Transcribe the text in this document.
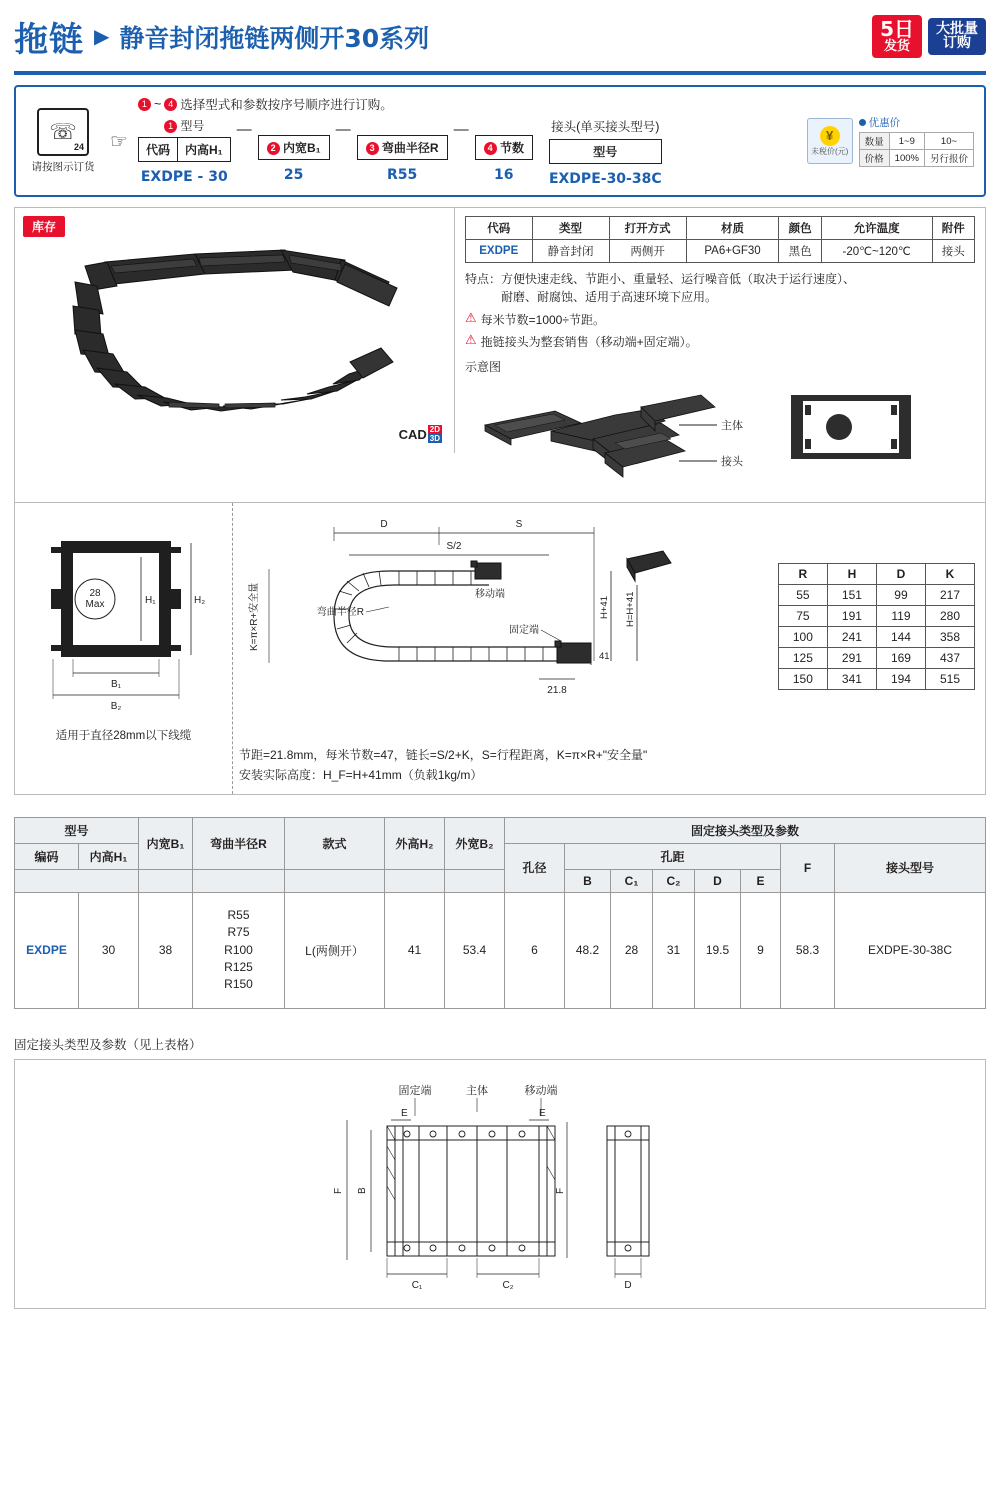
拖链 ▶ 静音封闭拖链两侧开30系列	5日
发货
大批量
订购
☏
24
请按图示订货
☞
1 ~ 4 选择型式和参数按序号顺序进行订购。
1 型号
代码	内高H₁
EXDPE - 30
—
2 内宽B₁
25
—
3 弯曲半径R
R55
—
4 节数
16
接头(单买接头型号)
型号
EXDPE-30-38C
¥
未税价(元)
优惠价
数量	1~9	10~
价格	100%	另行报价
库存
CAD 2D
3D
代码	类型	打开方式	材质	颜色	允许温度	附件
EXDPE	静音封闭	两侧开	PA6+GF30	黑色	-20℃~120℃	接头
特点：方便快速走线、节距小、重量轻、运行噪音低（取决于运行速度）、
耐磨、耐腐蚀、适用于高速环境下应用。
⚠ 每米节数=1000÷节距。
⚠ 拖链接头为整套销售（移动端+固定端）。
示意图
主体
接头
28
Max	H₁	H₂
B₁
B₂
适用于直径28mm以下线缆
D	S
S/2
K=π×R+安全量	弯曲半径R
移动端
固定端
21.8
H+41 H=H+41
41
R	H	D	K
55	151	99	217
75	191	119	280
100	241	144	358
125	291	169	437
150	341	194	515
节距=21.8mm，每米节数=47，链长=S/2+K，S=行程距离，K=π×R+"安全量"
安装实际高度：H_F=H+41mm（负载1kg/m）
型号		内宽B₁	弯曲半径R	款式	外高H₂	外宽B₂	固定接头类型及参数							
编码	内高H₁						孔径	孔距					F	接头型号
								B	C₁	C₂	D	E		
EXDPE	30	38	R55
R75
R100
R125
R150	L(两侧开）	41	53.4	6	48.2	28	31	19.5	9	58.3	EXDPE-30-38C
固定接头类型及参数（见上表格）
固定端	主体	移动端
E	E
F B	F
C₁	C₂	D
